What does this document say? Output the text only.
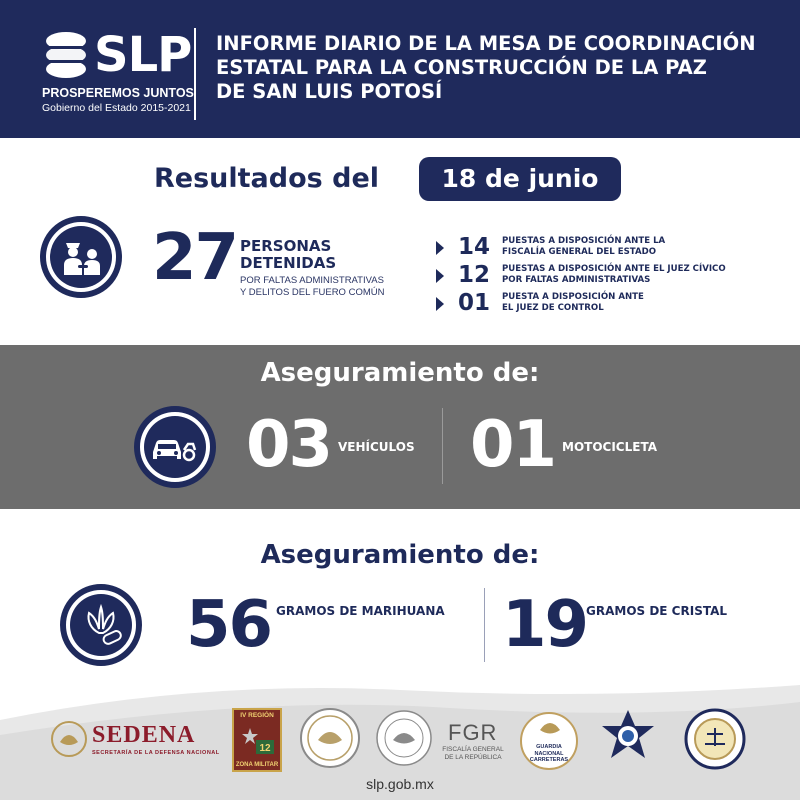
SLP
PROSPEREMOS JUNTOS
Gobierno del Estado 2015-2021
INFORME DIARIO DE LA MESA DE COORDINACIÓN
ESTATAL PARA LA CONSTRUCCIÓN DE LA PAZ
DE SAN LUIS POTOSÍ
Resultados del	18 de junio
27 PERSONAS
DETENIDAS
POR FALTAS ADMINISTRATIVAS
Y DELITOS DEL FUERO COMÚN
14 PUESTAS A DISPOSICIÓN ANTE LA
FISCALÍA GENERAL DEL ESTADO
12 PUESTAS A DISPOSICIÓN ANTE EL JUEZ CÍVICO
POR FALTAS ADMINISTRATIVAS
01 PUESTA A DISPOSICIÓN ANTE
EL JUEZ DE CONTROL
Aseguramiento de:
03 VEHÍCULOS 01 MOTOCICLETA
Aseguramiento de:
56 GRAMOS DE MARIHUANA 19
GRAMOS DE CRISTAL
SEDENA
SECRETARÍA DE LA DEFENSA NACIONAL
IV REGIÓN
12
ZONA MILITAR
FGR
FISCALÍA GENERAL
DE LA REPÚBLICA
GUARDIA
NACIONAL
CARRETERAS
slp.gob.mx
